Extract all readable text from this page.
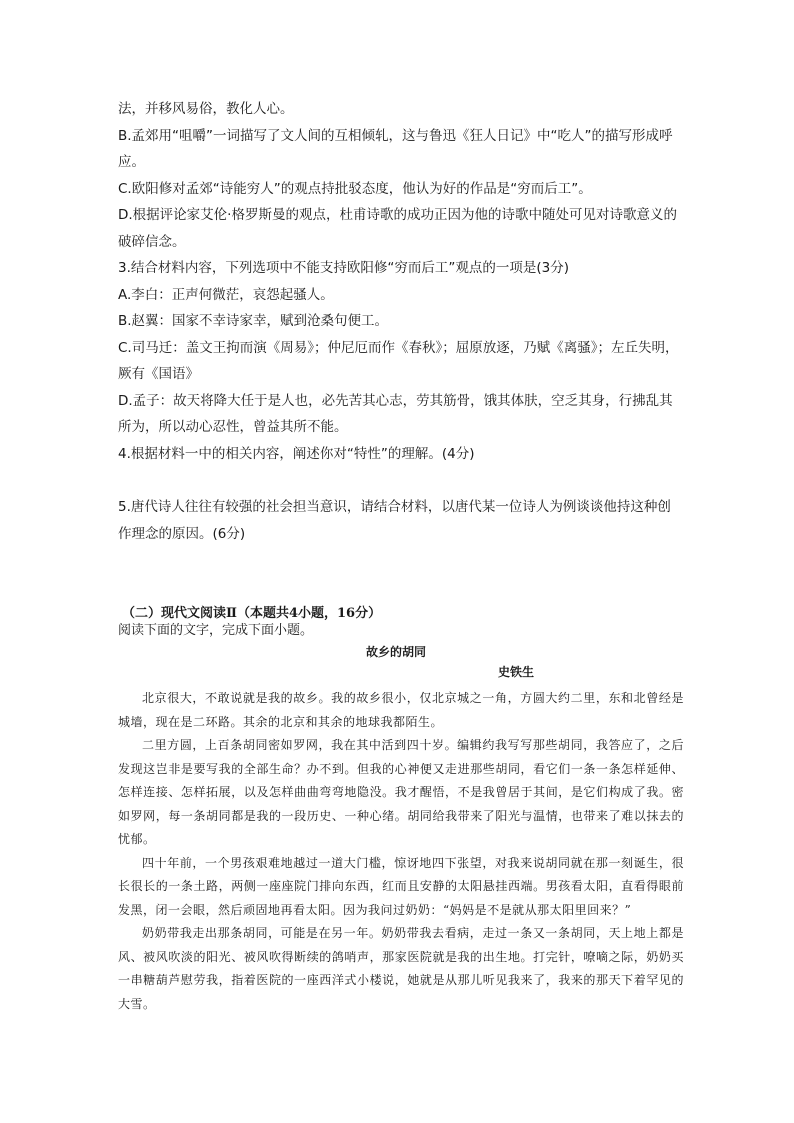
法，并移风易俗，教化人心。

B.孟郊用“咀嚼”一词描写了文人间的互相倾轧，这与鲁迅《狂人日记》中“吃人”的描写形成呼应。

C.欧阳修对孟郊“诗能穷人”的观点持批驳态度，他认为好的作品是“穷而后工”。

D.根据评论家艾伦·格罗斯曼的观点，杜甫诗歌的成功正因为他的诗歌中随处可见对诗歌意义的破碎信念。

3.结合材料内容，下列选项中不能支持欧阳修“穷而后工”观点的一项是(3分)

A.李白：正声何微茫，哀怨起骚人。

B.赵翼：国家不幸诗家幸，赋到沧桑句便工。

C.司马迁：盖文王拘而演《周易》；仲尼厄而作《春秋》；屈原放逐，乃赋《离骚》；左丘失明，厥有《国语》

D.孟子：故天将降大任于是人也，必先苦其心志，劳其筋骨，饿其体肤，空乏其身，行拂乱其所为，所以动心忍性，曾益其所不能。

4.根据材料一中的相关内容，阐述你对“特性”的理解。(4分)

5.唐代诗人往往有较强的社会担当意识，请结合材料，以唐代某一位诗人为例谈谈他持这种创作理念的原因。(6分)

（二）现代文阅读Ⅱ（本题共4小题，16分）

阅读下面的文字，完成下面小题。

故乡的胡同

史铁生

北京很大，不敢说就是我的故乡。我的故乡很小，仅北京城之一角，方圆大约二里，东和北曾经是城墙，现在是二环路。其余的北京和其余的地球我都陌生。

二里方圆，上百条胡同密如罗网，我在其中活到四十岁。编辑约我写写那些胡同，我答应了，之后发现这岂非是要写我的全部生命？办不到。但我的心神便又走进那些胡同，看它们一条一条怎样延伸、怎样连接、怎样拓展，以及怎样曲曲弯弯地隐没。我才醒悟，不是我曾居于其间，是它们构成了我。密如罗网，每一条胡同都是我的一段历史、一种心绪。胡同给我带来了阳光与温情，也带来了难以抹去的忧郁。

四十年前，一个男孩艰难地越过一道大门槛，惊讶地四下张望，对我来说胡同就在那一刻诞生，很长很长的一条土路，两侧一座座院门排向东西，红而且安静的太阳悬挂西端。男孩看太阳，直看得眼前发黑，闭一会眼，然后顽固地再看太阳。因为我问过奶奶：“妈妈是不是就从那太阳里回来？”

奶奶带我走出那条胡同，可能是在另一年。奶奶带我去看病，走过一条又一条胡同，天上地上都是风、被风吹淡的阳光、被风吹得断续的鸽哨声，那家医院就是我的出生地。打完针，嘹嘀之际，奶奶买一串糖葫芦慰劳我，指着医院的一座西洋式小楼说，她就是从那儿听见我来了，我来的那天下着罕见的大雪。
